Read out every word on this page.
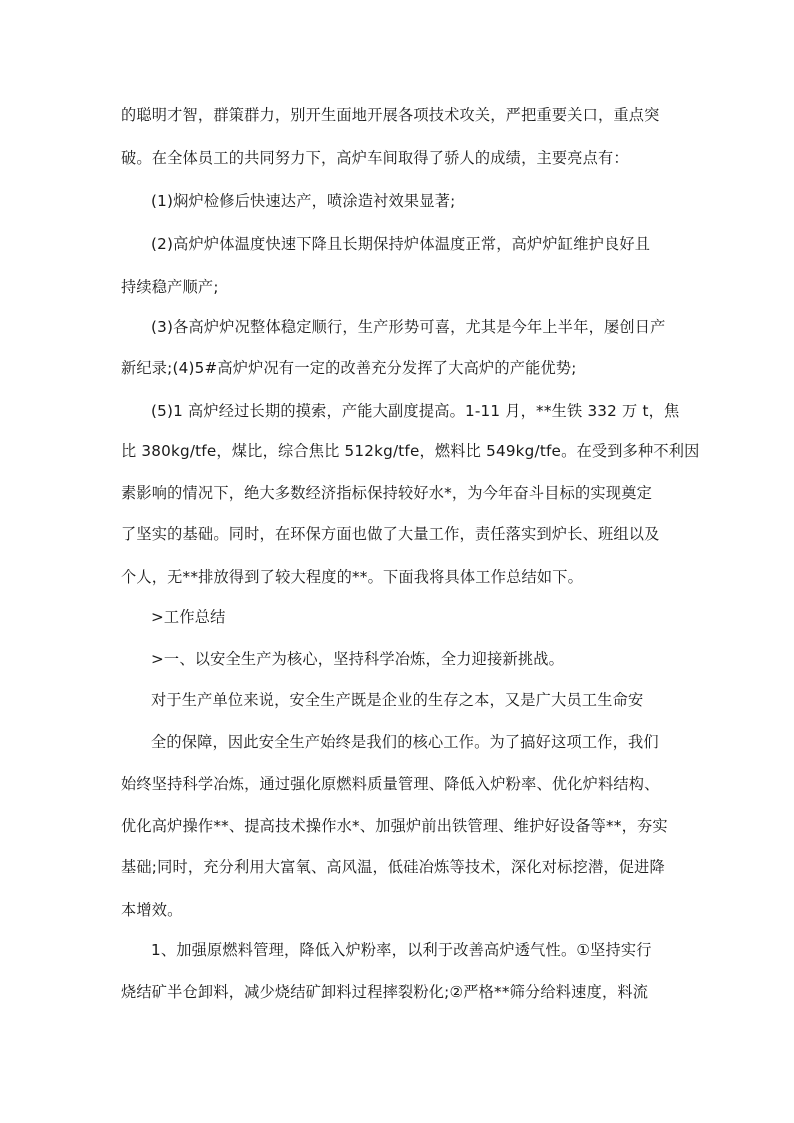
的聪明才智，群策群力，别开生面地开展各项技术攻关，严把重要关口，重点突
破。在全体员工的共同努力下，高炉车间取得了骄人的成绩，主要亮点有：
(1)焖炉检修后快速达产，喷涂造衬效果显著;
(2)高炉炉体温度快速下降且长期保持炉体温度正常，高炉炉缸维护良好且
持续稳产顺产;
(3)各高炉炉况整体稳定顺行，生产形势可喜，尤其是今年上半年，屡创日产
新纪录;(4)5#高炉炉况有一定的改善充分发挥了大高炉的产能优势;
(5)1 高炉经过长期的摸索，产能大副度提高。1-11 月，**生铁 332 万 t，焦
比 380kg/tfe，煤比，综合焦比 512kg/tfe，燃料比 549kg/tfe。在受到多种不利因
素影响的情况下，绝大多数经济指标保持较好水*，为今年奋斗目标的实现奠定
了坚实的基础。同时，在环保方面也做了大量工作，责任落实到炉长、班组以及
个人，无**排放得到了较大程度的**。下面我将具体工作总结如下。
>工作总结
>一、以安全生产为核心，坚持科学冶炼，全力迎接新挑战。
对于生产单位来说，安全生产既是企业的生存之本，又是广大员工生命安
全的保障，因此安全生产始终是我们的核心工作。为了搞好这项工作，我们
始终坚持科学冶炼，通过强化原燃料质量管理、降低入炉粉率、优化炉料结构、
优化高炉操作**、提高技术操作水*、加强炉前出铁管理、维护好设备等**，夯实
基础;同时，充分利用大富氧、高风温，低硅冶炼等技术，深化对标挖潜，促进降
本增效。
1、加强原燃料管理，降低入炉粉率，以利于改善高炉透气性。①坚持实行
烧结矿半仓卸料，减少烧结矿卸料过程摔裂粉化;②严格**筛分给料速度，料流
